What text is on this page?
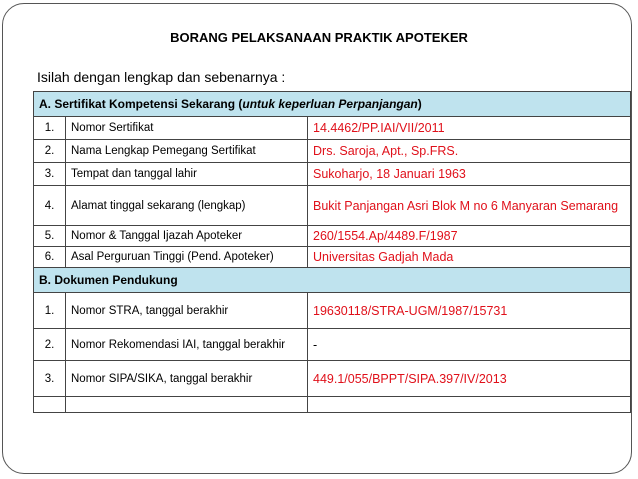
BORANG PELAKSANAAN PRAKTIK APOTEKER
Isilah dengan lengkap dan sebenarnya :
A. Sertifikat Kompetensi Sekarang (untuk keperluan Perpanjangan)		
1.	Nomor Sertifikat	14.4462/PP.IAI/VII/2011
2.	Nama Lengkap Pemegang Sertifikat	Drs. Saroja, Apt., Sp.FRS.
3.	Tempat dan tanggal lahir	Sukoharjo, 18 Januari 1963
4.	Alamat tinggal sekarang (lengkap)	Bukit Panjangan Asri Blok M no 6 Manyaran Semarang
5.	Nomor & Tanggal Ijazah Apoteker	260/1554.Ap/4489.F/1987
6.	Asal Perguruan Tinggi (Pend. Apoteker)	Universitas Gadjah Mada
B. Dokumen Pendukung		
1.	Nomor STRA, tanggal berakhir	19630118/STRA-UGM/1987/15731
2.	Nomor Rekomendasi IAI, tanggal berakhir	-
3.	Nomor SIPA/SIKA, tanggal berakhir	449.1/055/BPPT/SIPA.397/IV/2013
